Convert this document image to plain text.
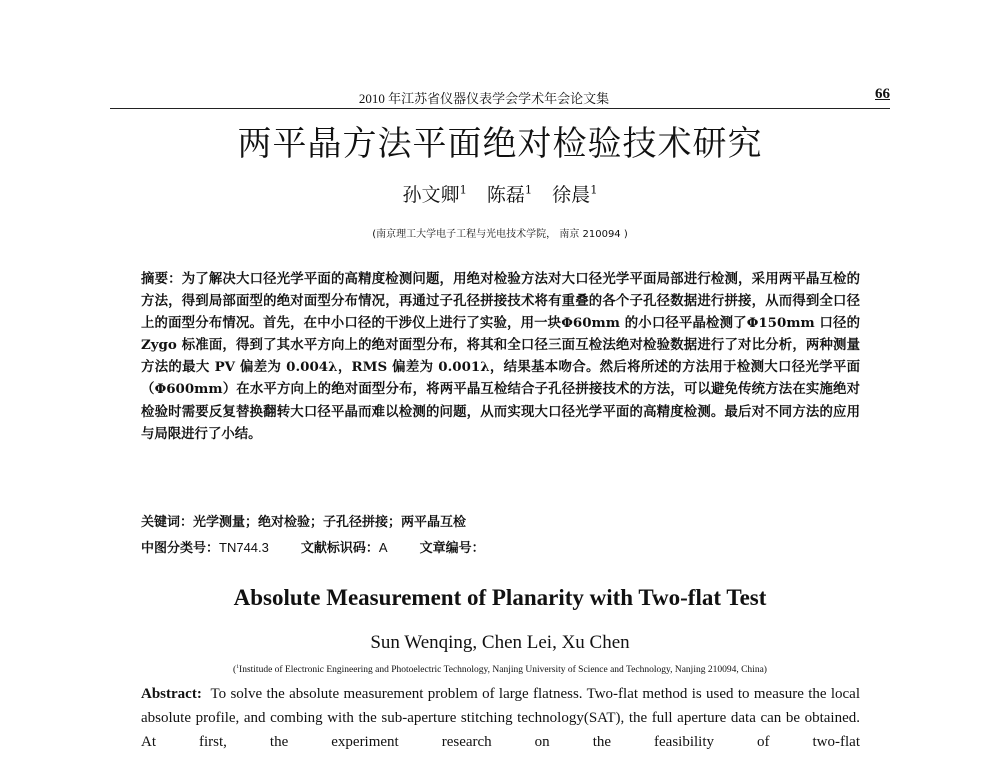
2010 年江苏省仪器仪表学会学术年会论文集	66
两平晶方法平面绝对检验技术研究
孙文卿$^1$ 陈磊$^1$ 徐晨$^1$
(南京理工大学电子工程与光电技术学院， 南京 210094 )

摘要：为了解决大口径光学平面的高精度检测问题，用绝对检验方法对大口径光学平面局部进行检测，采用两平晶互检的方法，得到局部面型的绝对面型分布情况，再通过子孔径拼接技术将有重叠的各个子孔径数据进行拼接，从而得到全口径上的面型分布情况。首先，在中小口径的干涉仪上进行了实验，用一块Φ60mm 的小口径平晶检测了Φ150mm 口径的 Zygo 标准面，得到了其水平方向上的绝对面型分布，将其和全口径三面互检法绝对检验数据进行了对比分析，两种测量方法的最大 PV 偏差为 0.004λ，RMS 偏差为 0.001λ，结果基本吻合。然后将所述的方法用于检测大口径光学平面（Φ600mm）在水平方向上的绝对面型分布，将两平晶互检结合子孔径拼接技术的方法，可以避免传统方法在实施绝对检验时需要反复替换翻转大口径平晶而难以检测的问题，从而实现大口径光学平面的高精度检测。最后对不同方法的应用与局限进行了小结。

关键词：光学测量；绝对检验；子孔径拼接；两平晶互检
中图分类号：TN744.3 文献标识码：A 文章编号：
Absolute Measurement of Planarity with Two-flat Test
Sun Wenqing, Chen Lei, Xu Chen
($^1$Institude of Electronic Engineering and Photoelectric Technology, Nanjing University of Science and Technology, Nanjing 210094, China)

Abstract: To solve the absolute measurement problem of large flatness. Two-flat method is used to measure the local absolute profile, and combing with the sub-aperture stitching technology(SAT), the full aperture data can be obtained. At first, the experiment research on the feasibility of two-flat
